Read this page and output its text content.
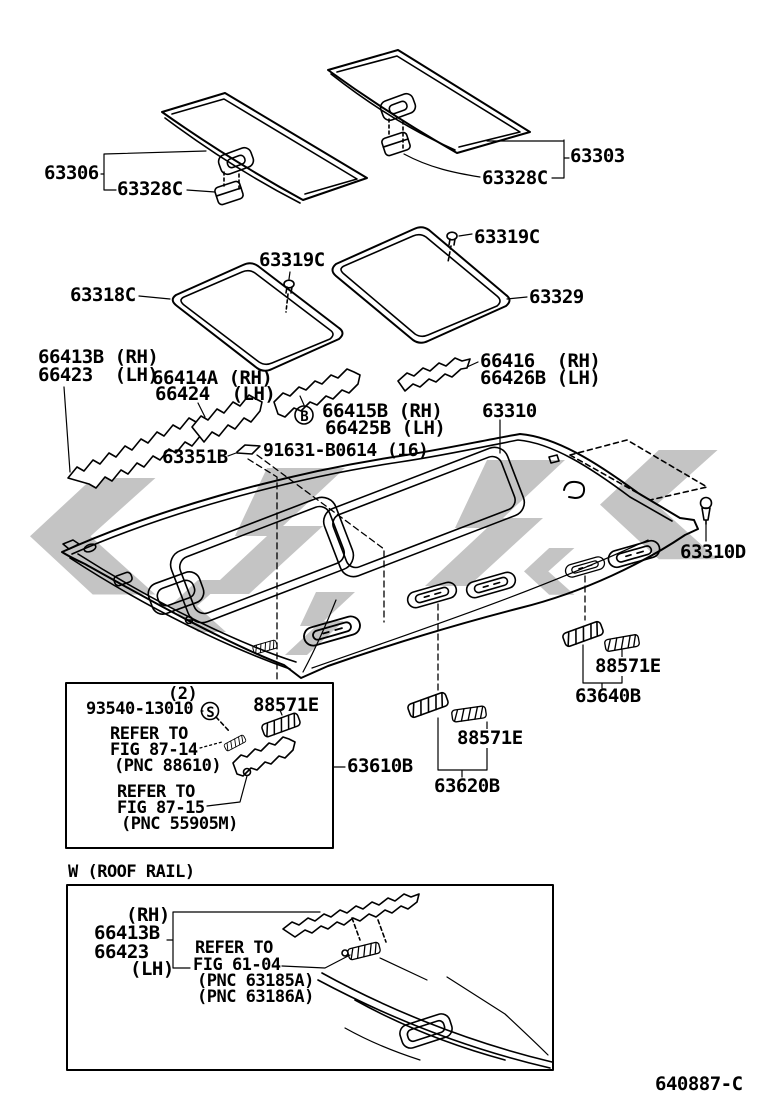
63306
63328C
63303
63328C
63319C
63319C
63318C	63329
66413B (RH)
66423  (LH)
66414A (RH)
66424  (LH)
66416  (RH)
66426B (LH)
66415B (RH)
66425B (LH)
63310
63351B 91631-B0614 (16)
63310D
88571E
63640B
88571E
63620B
63610B
B
S
(2)
93540-13010	88571E
REFER TO
FIG 87-14
(PNC 88610)
REFER TO
FIG 87-15
(PNC 55905M)
W (ROOF RAIL)
(RH)
66413B
66423
(LH)
REFER TO
FIG 61-04
(PNC 63185A)
(PNC 63186A)
640887-C
